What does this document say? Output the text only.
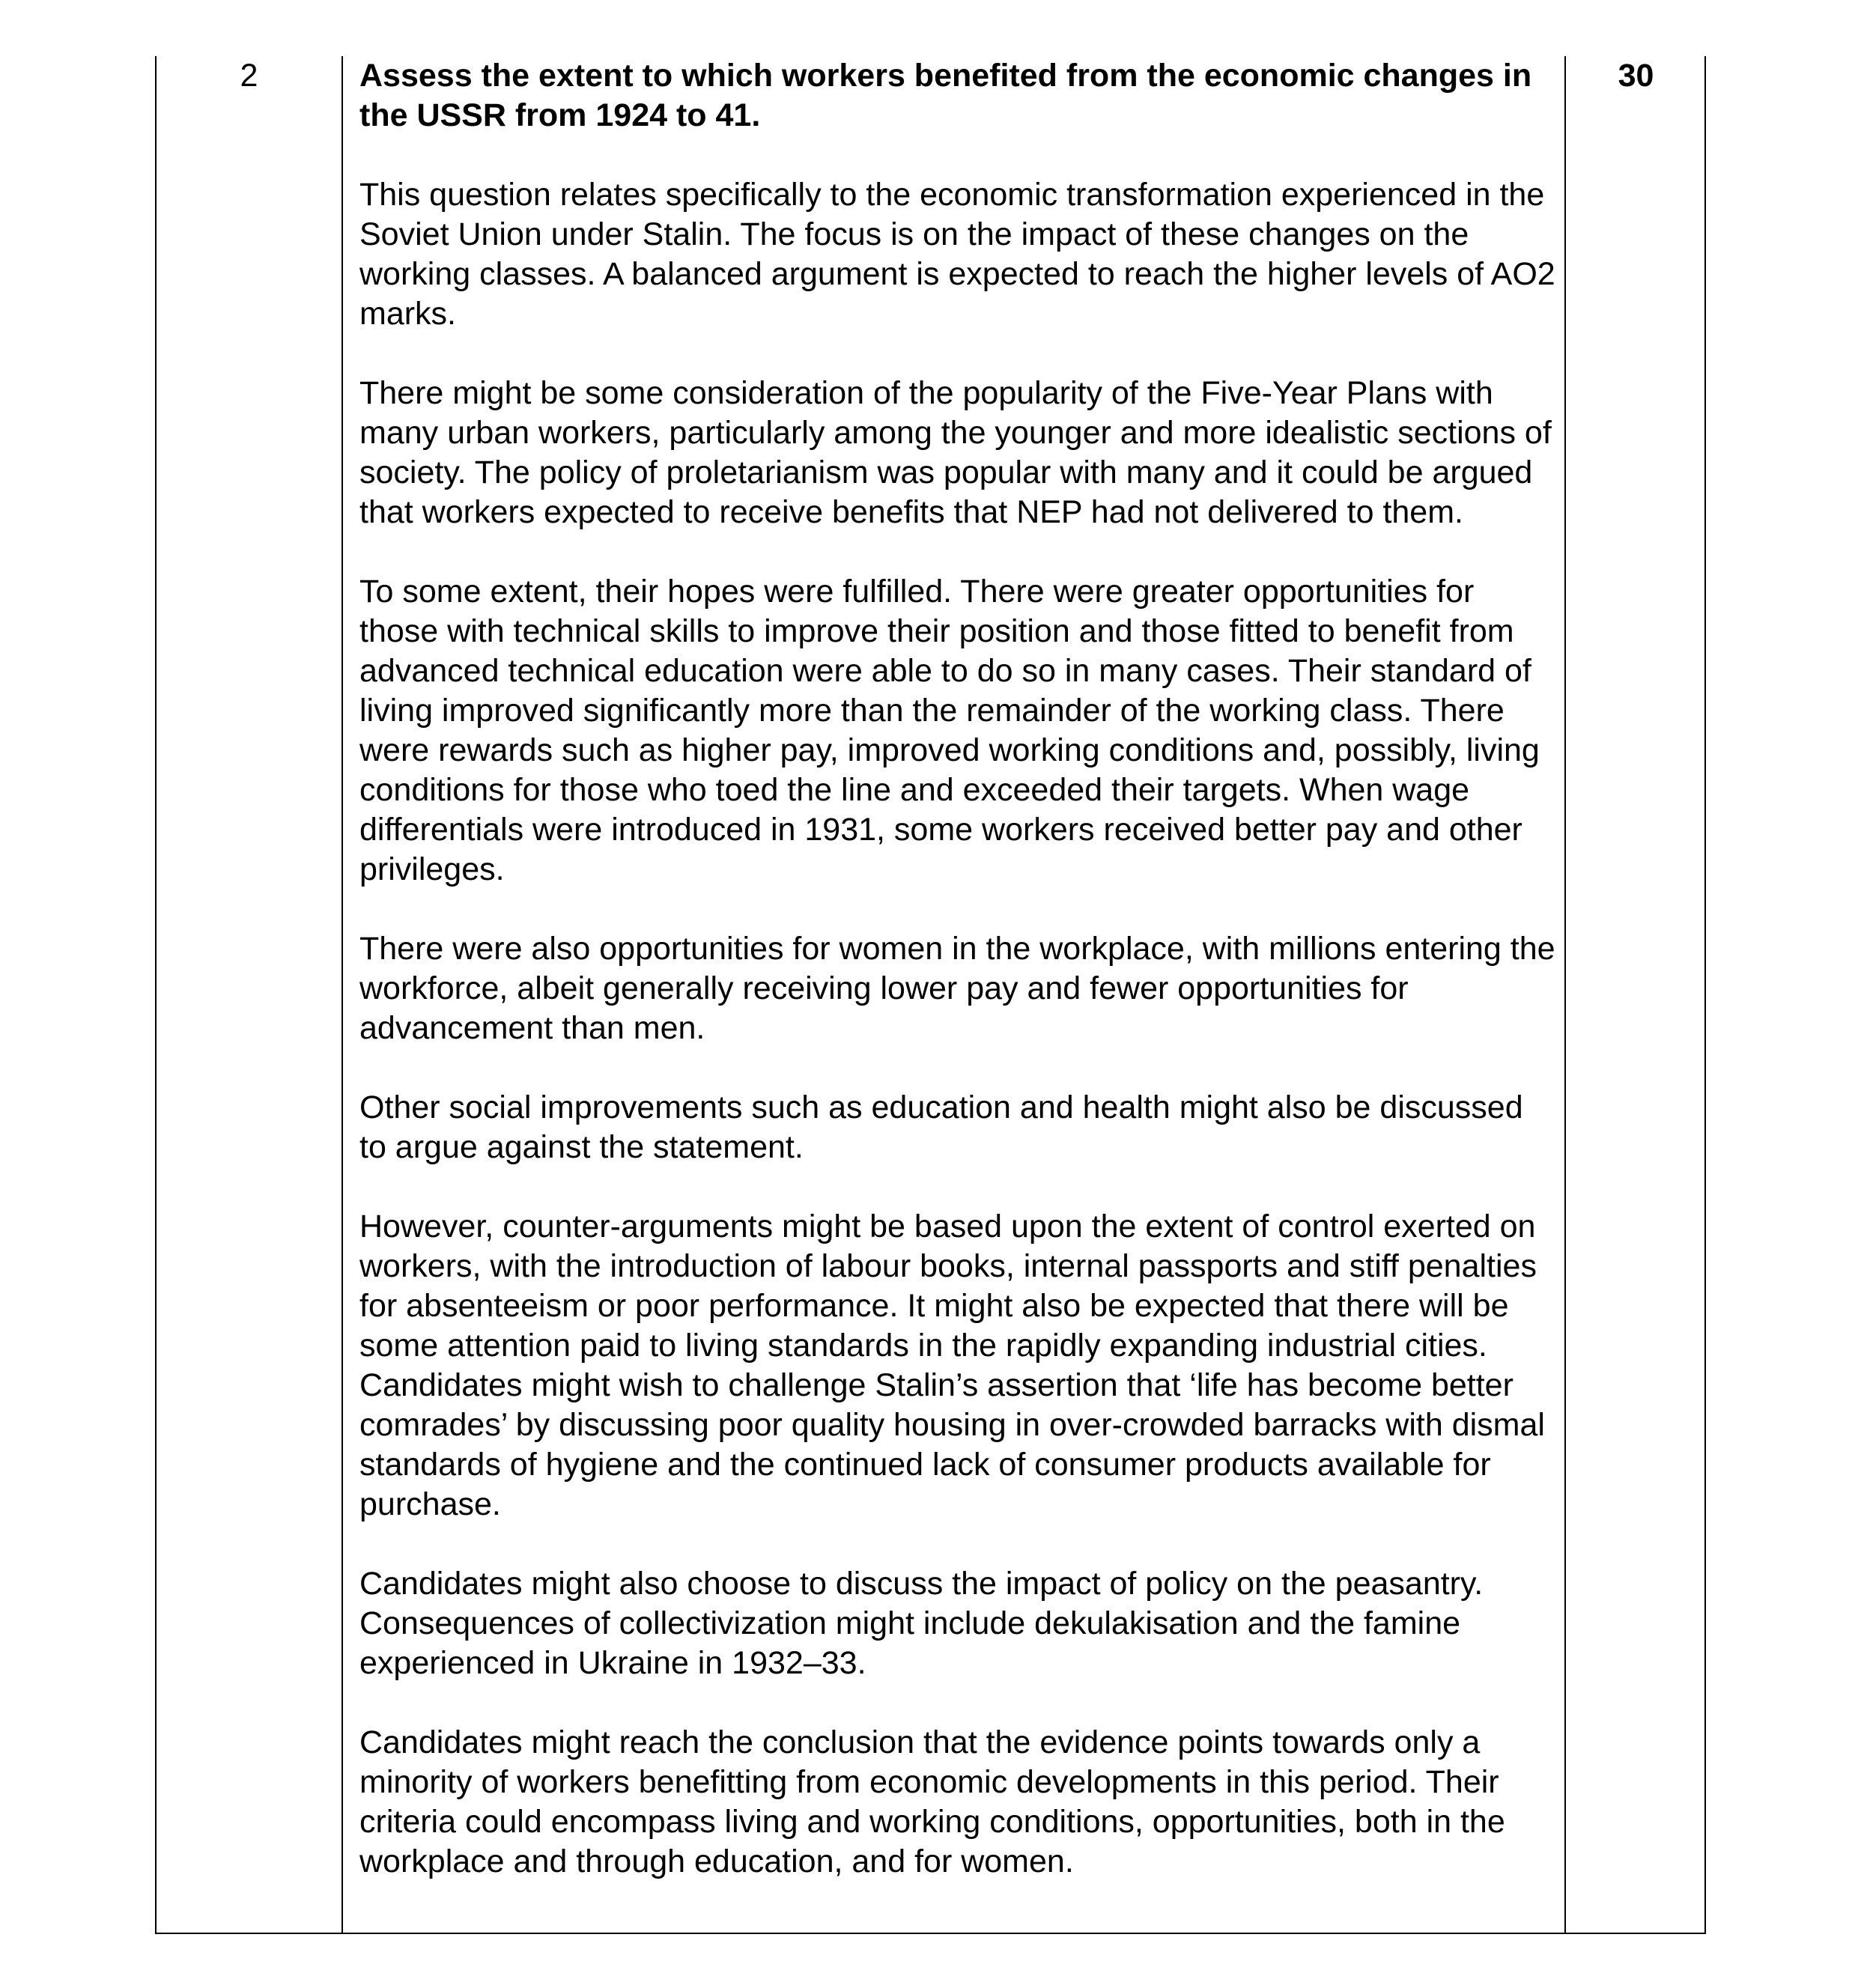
2	Assess the extent to which workers benefited from the economic changes in the USSR from 1924 to 41.

This question relates specifically to the economic transformation experienced in the Soviet Union under Stalin. The focus is on the impact of these changes on the working classes. A balanced argument is expected to reach the higher levels of AO2 marks.

There might be some consideration of the popularity of the Five-Year Plans with many urban workers, particularly among the younger and more idealistic sections of society. The policy of proletarianism was popular with many and it could be argued that workers expected to receive benefits that NEP had not delivered to them.

To some extent, their hopes were fulfilled. There were greater opportunities for those with technical skills to improve their position and those fitted to benefit from advanced technical education were able to do so in many cases. Their standard of living improved significantly more than the remainder of the working class. There were rewards such as higher pay, improved working conditions and, possibly, living conditions for those who toed the line and exceeded their targets. When wage differentials were introduced in 1931, some workers received better pay and other privileges.

There were also opportunities for women in the workplace, with millions entering the workforce, albeit generally receiving lower pay and fewer opportunities for advancement than men.

Other social improvements such as education and health might also be discussed to argue against the statement.

However, counter-arguments might be based upon the extent of control exerted on workers, with the introduction of labour books, internal passports and stiff penalties for absenteeism or poor performance. It might also be expected that there will be some attention paid to living standards in the rapidly expanding industrial cities. Candidates might wish to challenge Stalin’s assertion that ‘life has become better comrades’ by discussing poor quality housing in over-crowded barracks with dismal standards of hygiene and the continued lack of consumer products available for purchase.

Candidates might also choose to discuss the impact of policy on the peasantry. Consequences of collectivization might include dekulakisation and the famine experienced in Ukraine in 1932–33.

Candidates might reach the conclusion that the evidence points towards only a minority of workers benefitting from economic developments in this period. Their criteria could encompass living and working conditions, opportunities, both in the workplace and through education, and for women.

30
